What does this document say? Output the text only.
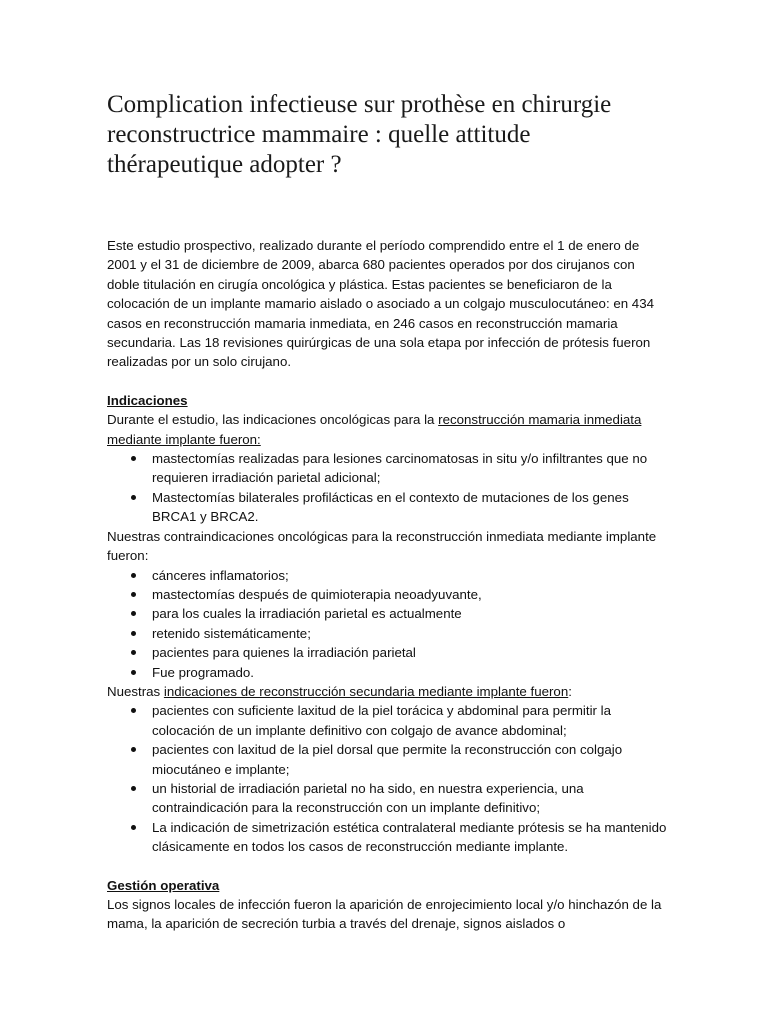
Complication infectieuse sur prothèse en chirurgie reconstructrice mammaire : quelle attitude thérapeutique adopter ?

Este estudio prospectivo, realizado durante el período comprendido entre el 1 de enero de 2001 y el 31 de diciembre de 2009, abarca 680 pacientes operados por dos cirujanos con doble titulación en cirugía oncológica y plástica. Estas pacientes se beneficiaron de la colocación de un implante mamario aislado o asociado a un colgajo musculocutáneo: en 434 casos en reconstrucción mamaria inmediata, en 246 casos en reconstrucción mamaria secundaria. Las 18 revisiones quirúrgicas de una sola etapa por infección de prótesis fueron realizadas por un solo cirujano.

Indicaciones

Durante el estudio, las indicaciones oncológicas para la reconstrucción mamaria inmediata mediante implante fueron:

mastectomías realizadas para lesiones carcinomatosas in situ y/o infiltrantes que no requieren irradiación parietal adicional;
Mastectomías bilaterales profilácticas en el contexto de mutaciones de los genes BRCA1 y BRCA2.

Nuestras contraindicaciones oncológicas para la reconstrucción inmediata mediante implante fueron:

cánceres inflamatorios;
mastectomías después de quimioterapia neoadyuvante,
para los cuales la irradiación parietal es actualmente
retenido sistemáticamente;
pacientes para quienes la irradiación parietal
Fue programado.

Nuestras indicaciones de reconstrucción secundaria mediante implante fueron:

pacientes con suficiente laxitud de la piel torácica y abdominal para permitir la colocación de un implante definitivo con colgajo de avance abdominal;
pacientes con laxitud de la piel dorsal que permite la reconstrucción con colgajo miocutáneo e implante;
un historial de irradiación parietal no ha sido, en nuestra experiencia, una contraindicación para la reconstrucción con un implante definitivo;
La indicación de simetrización estética contralateral mediante prótesis se ha mantenido clásicamente en todos los casos de reconstrucción mediante implante.

Gestión operativa

Los signos locales de infección fueron la aparición de enrojecimiento local y/o hinchazón de la mama, la aparición de secreción turbia a través del drenaje, signos aislados o
